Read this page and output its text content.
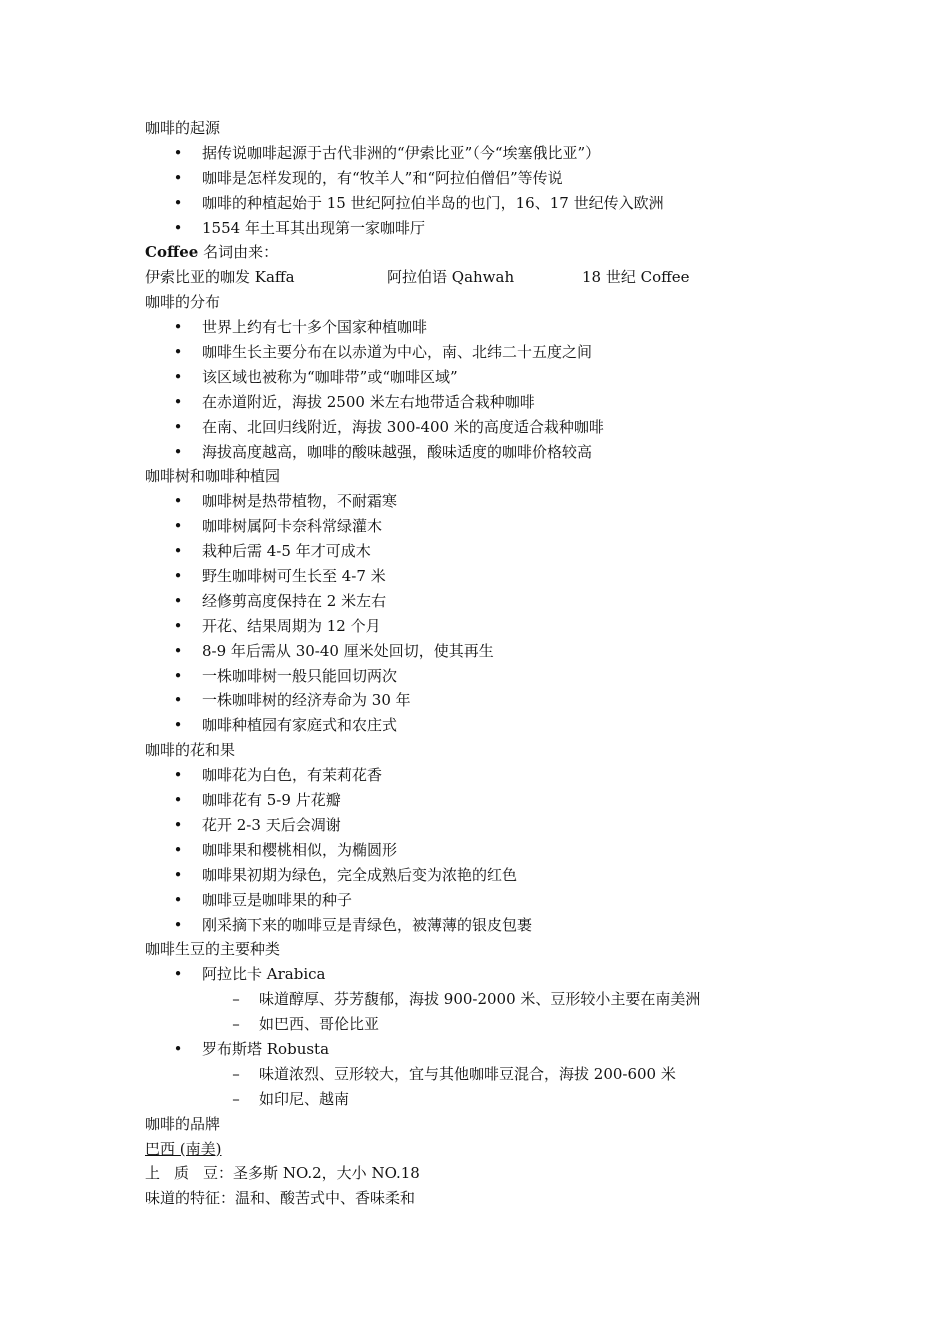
咖啡的起源
• 据传说咖啡起源于古代非洲的“伊索比亚”（今“埃塞俄比亚”）
• 咖啡是怎样发现的，有“牧羊人”和“阿拉伯僧侣”等传说
• 咖啡的种植起始于 15 世纪阿拉伯半岛的也门，16、17 世纪传入欧洲
• 1554 年土耳其出现第一家咖啡厅
Coffee 名词由来：
伊索比亚的咖发 Kaffa	阿拉伯语 Qahwah	18 世纪 Coffee
咖啡的分布
• 世界上约有七十多个国家种植咖啡
• 咖啡生长主要分布在以赤道为中心，南、北纬二十五度之间
• 该区域也被称为“咖啡带”或“咖啡区域”
• 在赤道附近，海拔 2500 米左右地带适合栽种咖啡
• 在南、北回归线附近，海拔 300-400 米的高度适合栽种咖啡
• 海拔高度越高，咖啡的酸味越强，酸味适度的咖啡价格较高
咖啡树和咖啡种植园
• 咖啡树是热带植物，不耐霜寒
• 咖啡树属阿卡奈科常绿灌木
• 栽种后需 4-5 年才可成木
• 野生咖啡树可生长至 4-7 米
• 经修剪高度保持在 2 米左右
• 开花、结果周期为 12 个月
• 8-9 年后需从 30-40 厘米处回切，使其再生
• 一株咖啡树一般只能回切两次
• 一株咖啡树的经济寿命为 30 年
• 咖啡种植园有家庭式和农庄式
咖啡的花和果
• 咖啡花为白色，有茉莉花香
• 咖啡花有 5-9 片花瓣
• 花开 2-3 天后会凋谢
• 咖啡果和樱桃相似，为椭圆形
• 咖啡果初期为绿色，完全成熟后变为浓艳的红色
• 咖啡豆是咖啡果的种子
• 刚采摘下来的咖啡豆是青绿色，被薄薄的银皮包裹
咖啡生豆的主要种类
• 阿拉比卡 Arabica
– 味道醇厚、芬芳馥郁，海拔 900-2000 米、豆形较小主要在南美洲
– 如巴西、哥伦比亚
• 罗布斯塔 Robusta
– 味道浓烈、豆形较大，宜与其他咖啡豆混合，海拔 200-600 米
– 如印尼、越南
咖啡的品牌
巴西 (南美)
上 质 豆：圣多斯 NO.2，大小 NO.18
味道的特征：温和、酸苦式中、香味柔和
